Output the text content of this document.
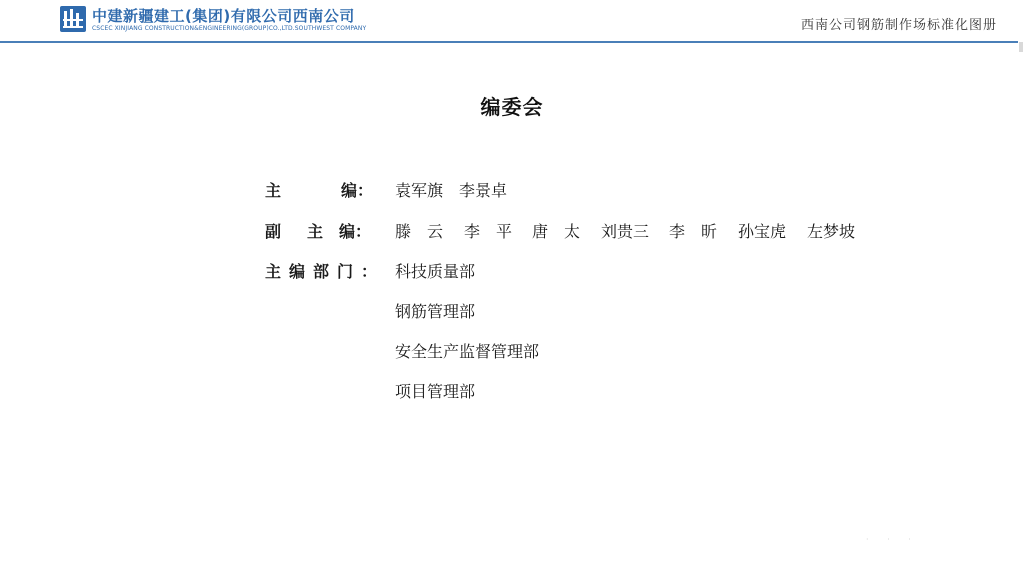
中建新疆建工(集团)有限公司西南公司
CSCEC XINJIANG CONSTRUCTION&ENGINEERING(GROUP)CO.,LTD.SOUTHWEST COMPANY	西南公司钢筋制作场标准化图册
编委会
主	编： 袁军旗　李景卓
副 主 编： 滕　云 李　平 唐　太 刘贵三 李　昕 孙宝虎 左梦坡
主编部门： 科技质量部
钢筋管理部
安全生产监督管理部
项目管理部
· · ·
